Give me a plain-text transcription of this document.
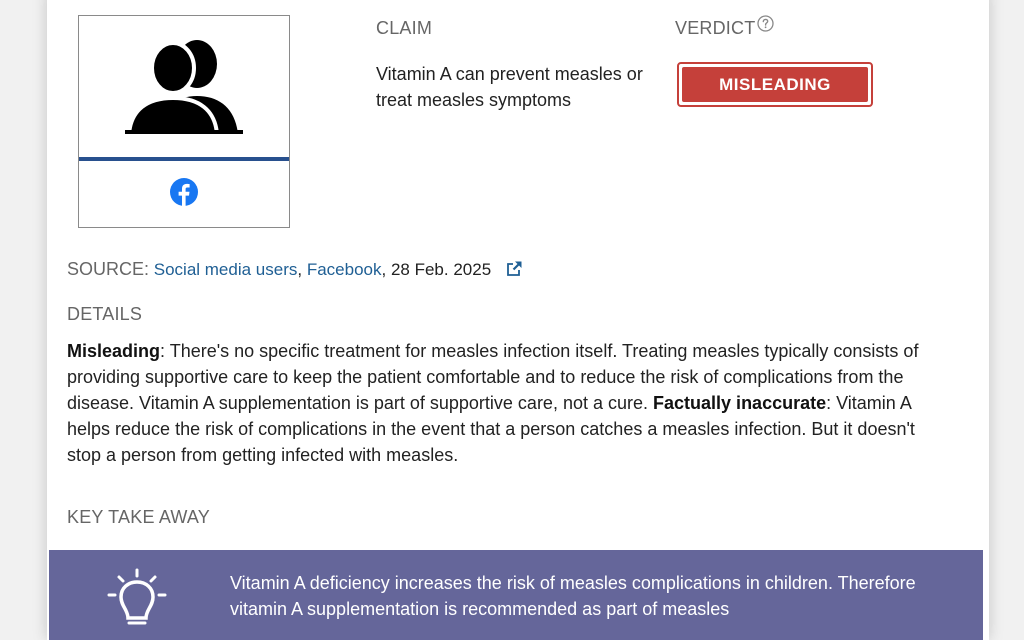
CLAIM
Vitamin A can prevent measles or treat measles symptoms
VERDICT
MISLEADING
SOURCE: Social media users, Facebook, 28 Feb. 2025
DETAILS
Misleading: There's no specific treatment for measles infection itself. Treating measles typically consists of providing supportive care to keep the patient comfortable and to reduce the risk of complications from the disease. Vitamin A supplementation is part of supportive care, not a cure. Factually inaccurate: Vitamin A helps reduce the risk of complications in the event that a person catches a measles infection. But it doesn't stop a person from getting infected with measles.
KEY TAKE AWAY
Vitamin A deficiency increases the risk of measles complications in children. Therefore vitamin A supplementation is recommended as part of measles
